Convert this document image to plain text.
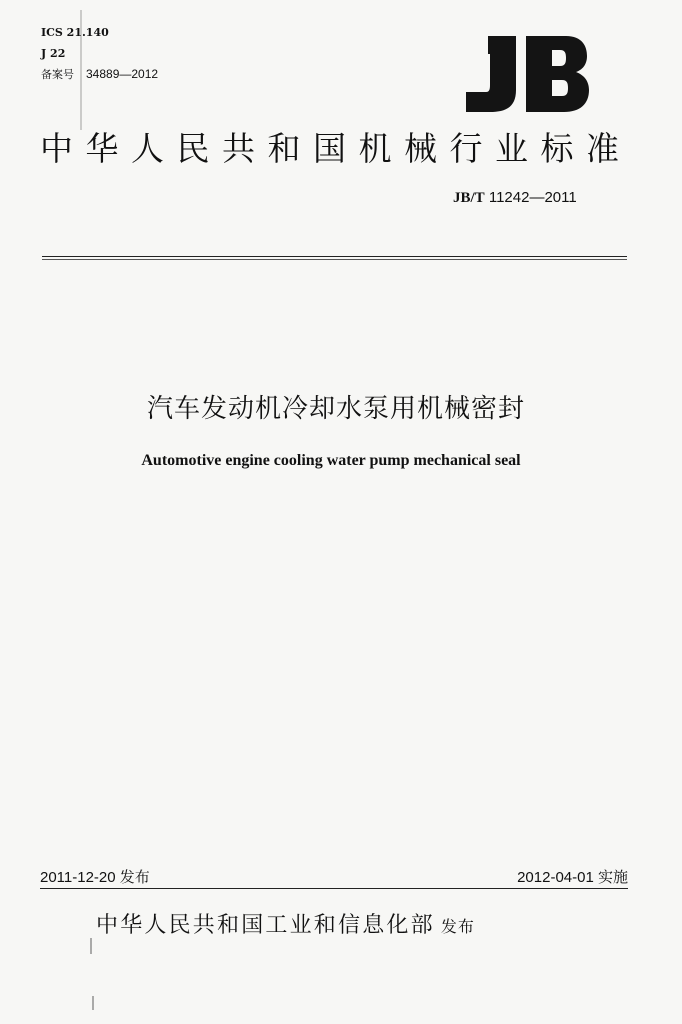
ICS 21.140
J 22
备案号 34889—2012
中华人民共和国机械行业标准
JB/T 11242—2011
汽车发动机冷却水泵用机械密封
Automotive engine cooling water pump mechanical seal
2011-12-20 发布	2012-04-01 实施
中华人民共和国工业和信息化部 发布
